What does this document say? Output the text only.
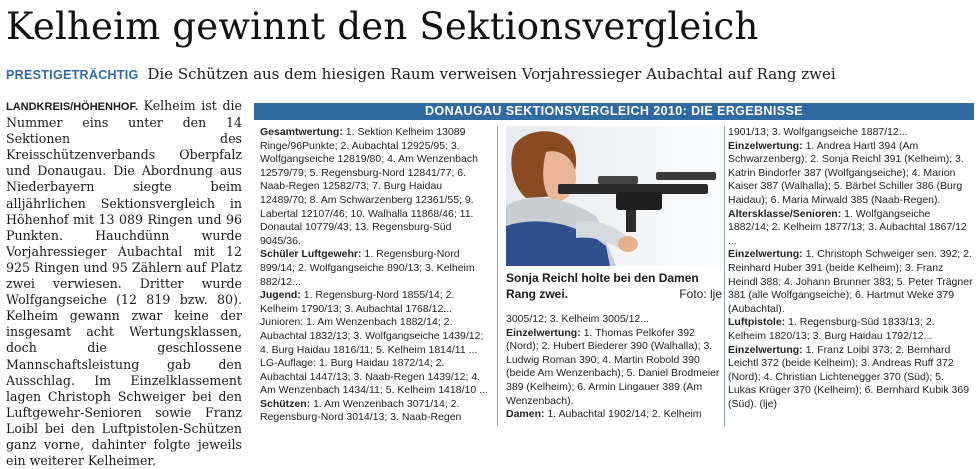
Kelheim gewinnt den Sektionsvergleich
PRESTIGETRÄCHTIG Die Schützen aus dem hiesigen Raum verweisen Vorjahressieger Aubachtal auf Rang zwei
LANDKREIS/HÖHENHOF. Kelheim ist die Nummer eins unter den 14 Sektionen des Kreisschützenverbands Oberpfalz und Donaugau. Die Abordnung aus Niederbayern siegte beim alljährlichen Sektionsvergleich in Höhenhof mit 13 089 Ringen und 96 Punkten. Hauchdünn wurde Vorjahressieger Aubachtal mit 12 925 Ringen und 95 Zählern auf Platz zwei verwiesen. Dritter wurde Wolfgangseiche (12 819 bzw. 80). Kelheim gewann zwar keine der insgesamt acht Wertungsklassen, doch die geschlossene Mannschaftsleistung gab den Ausschlag. Im Einzelklassement lagen Christoph Schweiger bei den Luftgewehr-Senioren sowie Franz Loibl bei den Luftpistolen-Schützen ganz vorne, dahinter folgte jeweils ein weiterer Kelheimer.
DONAUGAU SEKTIONSVERGLEICH 2010: DIE ERGEBNISSE

Gesamtwertung: 1. Sektion Kelheim 13089 Ringe/96Punkte; 2. Aubachtal 12925/95; 3. Wolfgangseiche 12819/80; 4. Am Wenzenbach 12579/79; 5. Regensburg-Nord 12841/77; 6. Naab-Regen 12582/73; 7. Burg Haidau 12489/70; 8. Am Schwarzenberg 12361/55; 9. Labertal 12107/46; 10. Walhalla 11868/46; 11. Donautal 10779/43; 13. Regensburg-Süd 9045/36.

Schüler Luftgewehr: 1. Regensburg-Nord 899/14; 2. Wolfgangseiche 890/13; 3. Kelheim 882/12...

Jugend: 1. Regensburg-Nord 1855/14; 2. Kelheim 1790/13; 3. Aubachtal 1768/12... Junioren: 1. Am Wenzenbach 1882/14; 2. Aubachtal 1832/13; 3. Wolfgangseiche 1439/12; 4. Burg Haidau 1816/11; 5. Kelheim 1814/11 ... LG-Auflage: 1. Burg Haidau 1872/14; 2. Aubachtal 1447/13; 3. Naab-Regen 1439/12; 4. Am Wenzenbach 1434/11; 5. Kelheim 1418/10 ...

Schützen: 1. Am Wenzenbach 3071/14; 2. Regensburg-Nord 3014/13; 3. Naab-Regen

Sonja Reichl holte bei den Damen Rang zwei.	Foto: lje

3005/12; 3. Kelheim 3005/12...

Einzelwertung: 1. Thomas Pelkofer 392 (Nord); 2. Hubert Biederer 390 (Walhalla); 3. Ludwig Roman 390; 4. Martin Robold 390 (beide Am Wenzenbach); 5. Daniel Brodmeier 389 (Kelheim); 6. Armin Lingauer 389 (Am Wenzenbach).

Damen: 1. Aubachtal 1902/14; 2. Kelheim

1901/13; 3. Wolfgangseiche 1887/12...

Einzelwertung: 1. Andrea Hartl 394 (Am Schwarzenberg); 2. Sonja Reichl 391 (Kelheim); 3. Katrin Bindorfer 387 (Wolfgangseiche); 4. Marion Kaiser 387 (Walhalla); 5. Bärbel Schiller 386 (Burg Haidau); 6. Maria Mirwald 385 (Naab-Regen).

Altersklasse/Senioren: 1. Wolfgangseiche 1882/14; 2. Kelheim 1877/13; 3. Aubachtal 1867/12 ...

Einzelwertung: 1. Christoph Schweiger sen. 392; 2. Reinhard Huber 391 (beide Kelheim); 3. Franz Heindl 388; 4. Johann Brunner 383; 5. Peter Trägner 381 (alle Wolfgangseiche); 6. Hartmut Weke 379 (Aubachtal).

Luftpistole: 1. Regensburg-Süd 1833/13; 2. Kelheim 1820/13; 3. Burg Haidau 1792/12...

Einzelwertung: 1. Franz Loibl 373; 2. Bernhard Leichtl 372 (beide Kelheim); 3. Andreas Ruff 372 (Nord); 4. Christian Lichtenegger 370 (Süd); 5. Lukas Krüger 370 (Kelheim); 6. Bernhard Kubik 369 (Süd). (lje)
